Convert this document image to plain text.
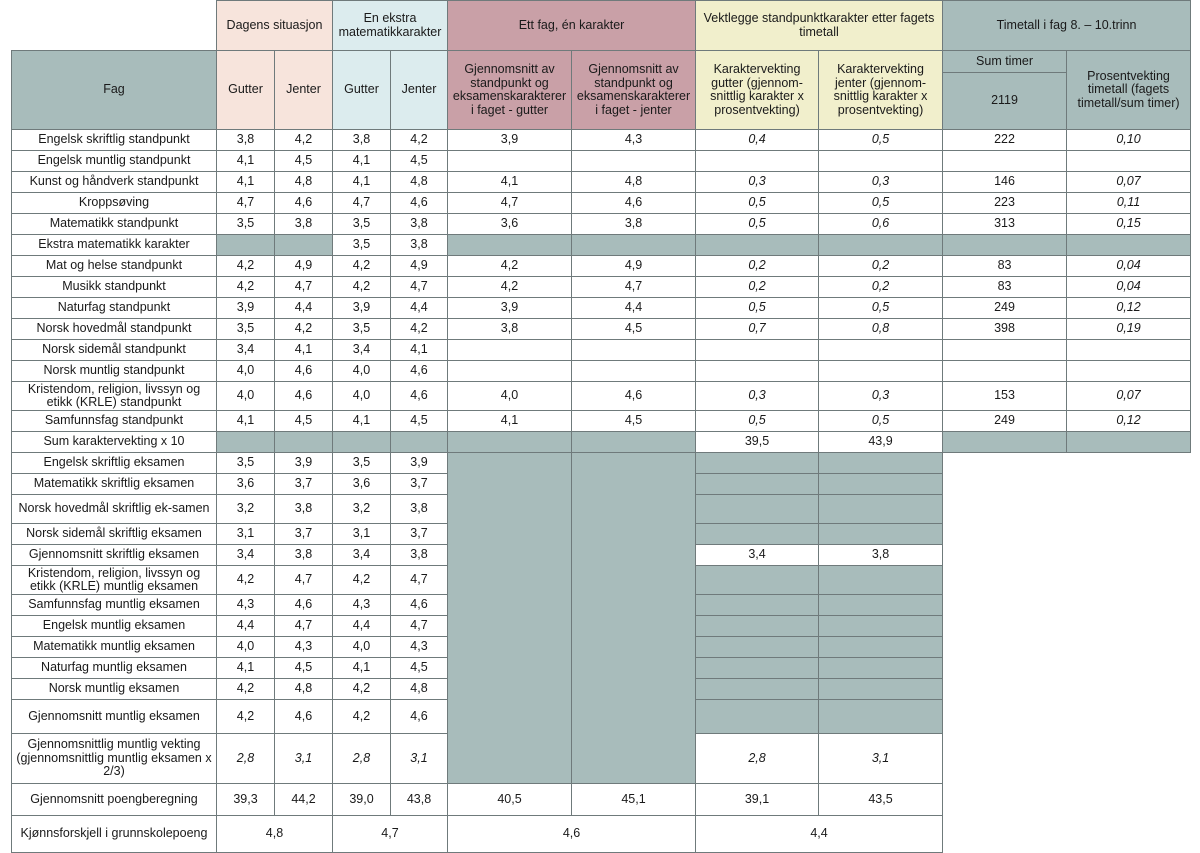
	Dagens situasjon		En ekstra matematikkarakter		Ett fag, én karakter		Vektlegge standpunktkarakter etter fagets timetall		Timetall i fag 8. – 10.trinn	
Fag	Gutter	Jenter	Gutter	Jenter	Gjennomsnitt av standpunkt og eksamenskarakterer i faget - gutter	Gjennomsnitt av standpunkt og eksamenskarakterer i faget - jenter	Karaktervekting gutter (gjennom-snittlig karakter x prosentvekting)	Karaktervekting jenter (gjennom-snittlig karakter x prosentvekting)	Sum timer	Prosentvekting timetall (fagets timetall/sum timer)
									2119	
Engelsk skriftlig standpunkt	3,8	4,2	3,8	4,2	3,9	4,3	0,4	0,5	222	0,10
Engelsk muntlig standpunkt	4,1	4,5	4,1	4,5						
Kunst og håndverk standpunkt	4,1	4,8	4,1	4,8	4,1	4,8	0,3	0,3	146	0,07
Kroppsøving	4,7	4,6	4,7	4,6	4,7	4,6	0,5	0,5	223	0,11
Matematikk standpunkt	3,5	3,8	3,5	3,8	3,6	3,8	0,5	0,6	313	0,15
Ekstra matematikk karakter			3,5	3,8						
Mat og helse standpunkt	4,2	4,9	4,2	4,9	4,2	4,9	0,2	0,2	83	0,04
Musikk standpunkt	4,2	4,7	4,2	4,7	4,2	4,7	0,2	0,2	83	0,04
Naturfag standpunkt	3,9	4,4	3,9	4,4	3,9	4,4	0,5	0,5	249	0,12
Norsk hovedmål standpunkt	3,5	4,2	3,5	4,2	3,8	4,5	0,7	0,8	398	0,19
Norsk sidemål standpunkt	3,4	4,1	3,4	4,1						
Norsk muntlig standpunkt	4,0	4,6	4,0	4,6						
Kristendom, religion, livssyn og etikk (KRLE) standpunkt	4,0	4,6	4,0	4,6	4,0	4,6	0,3	0,3	153	0,07
Samfunnsfag standpunkt	4,1	4,5	4,1	4,5	4,1	4,5	0,5	0,5	249	0,12
Sum karaktervekting x 10							39,5	43,9		
Engelsk skriftlig eksamen	3,5	3,9	3,5	3,9						
Matematikk skriftlig eksamen	3,6	3,7	3,6	3,7						
Norsk hovedmål skriftlig ek-samen	3,2	3,8	3,2	3,8						
Norsk sidemål skriftlig eksamen	3,1	3,7	3,1	3,7						
Gjennomsnitt skriftlig eksamen	3,4	3,8	3,4	3,8			3,4	3,8		
Kristendom, religion, livssyn og etikk (KRLE) muntlig eksamen	4,2	4,7	4,2	4,7						
Samfunnsfag muntlig eksamen	4,3	4,6	4,3	4,6						
Engelsk muntlig eksamen	4,4	4,7	4,4	4,7						
Matematikk muntlig eksamen	4,0	4,3	4,0	4,3						
Naturfag muntlig eksamen	4,1	4,5	4,1	4,5						
Norsk muntlig eksamen	4,2	4,8	4,2	4,8						
Gjennomsnitt muntlig eksamen	4,2	4,6	4,2	4,6						
Gjennomsnittlig muntlig vekting (gjennomsnittlig muntlig eksamen x 2/3)	2,8	3,1	2,8	3,1			2,8	3,1		
Gjennomsnitt poengberegning	39,3	44,2	39,0	43,8	40,5	45,1	39,1	43,5		
Kjønnsforskjell i grunnskolepoeng	4,8		4,7		4,6		4,4			
